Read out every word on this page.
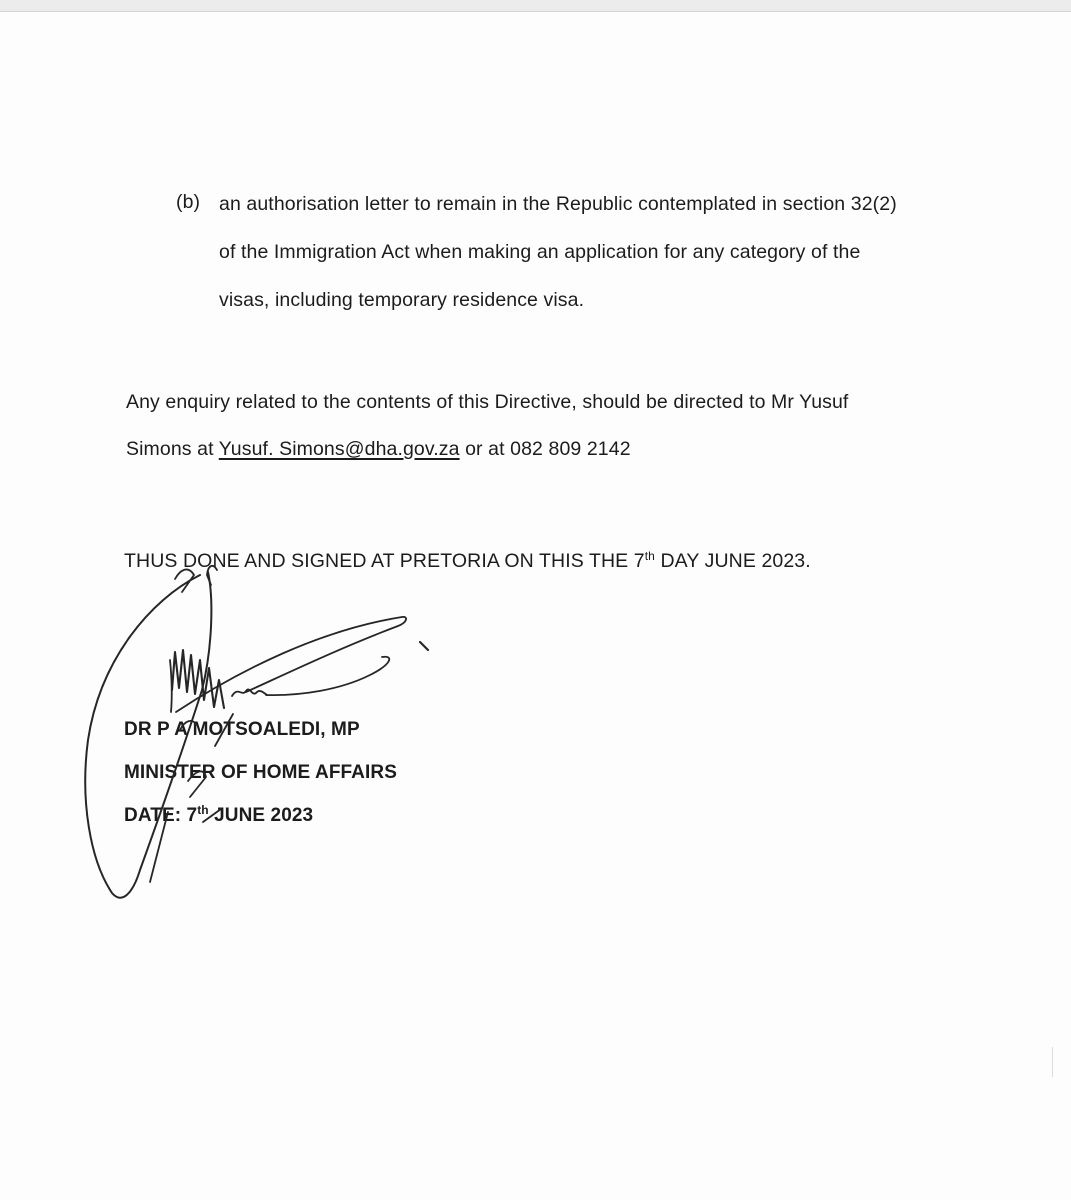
(b) an authorisation letter to remain in the Republic contemplated in section 32(2)
of the Immigration Act when making an application for any category of the
visas, including temporary residence visa.
Any enquiry related to the contents of this Directive, should be directed to Mr Yusuf
Simons at Yusuf. Simons@dha.gov.za or at 082 809 2142
THUS DONE AND SIGNED AT PRETORIA ON THIS THE 7th DAY JUNE 2023.
DR P A MOTSOALEDI, MP
MINISTER OF HOME AFFAIRS
DATE: 7th JUNE 2023
